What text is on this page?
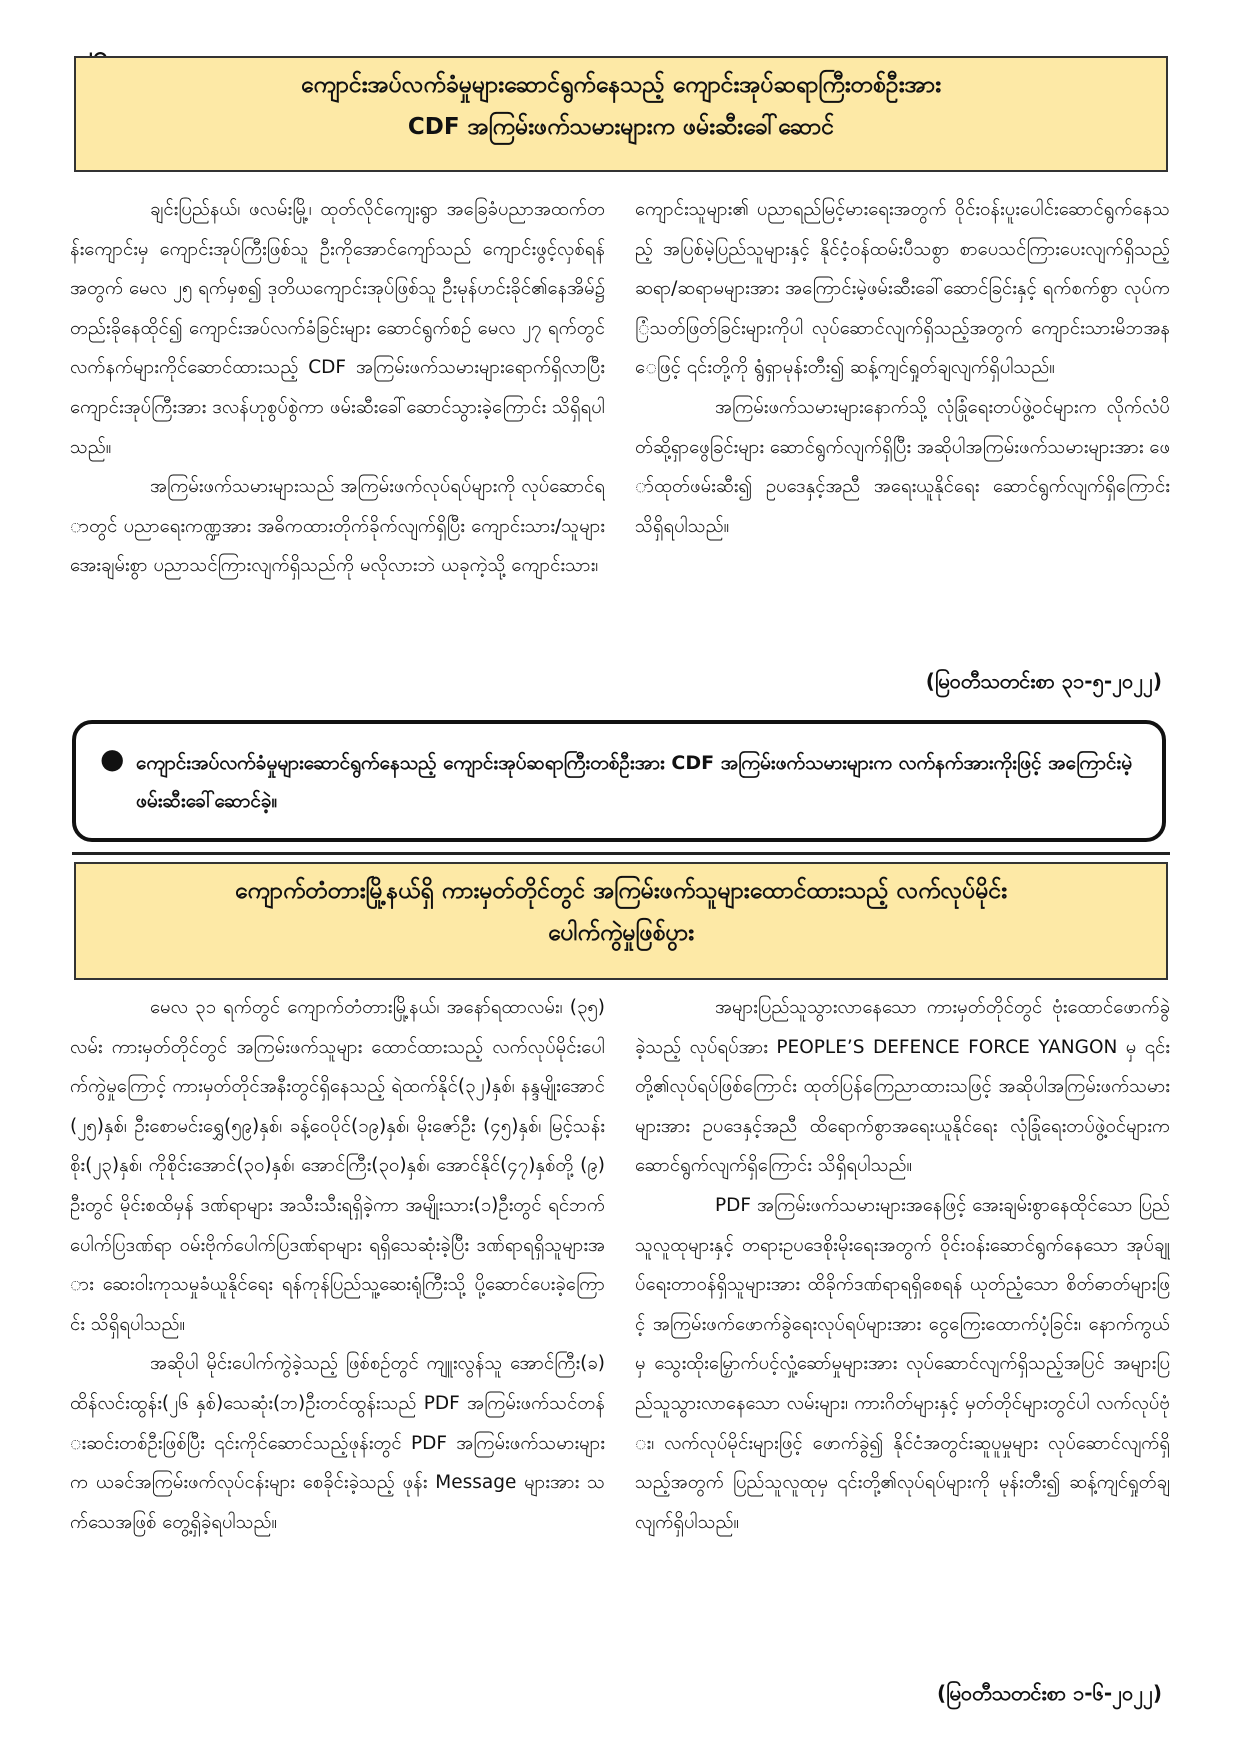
ကျောင်းအပ်လက်ခံမှုများဆောင်ရွက်နေသည့် ကျောင်းအုပ်ဆရာကြီးတစ်ဦးအား
CDF အကြမ်းဖက်သမားများက ဖမ်းဆီးခေါ်ဆောင်

ချင်းပြည်နယ်၊ ဖလမ်းမြို့၊ ထုတ်လိုင်ကျေးရွာ အခြေခံပညာအထက်တန်းကျောင်းမှ ကျောင်းအုပ်ကြီးဖြစ်သူ ဦးကိုအောင်ကျော်သည် ကျောင်းဖွင့်လှစ်ရန်အတွက် မေလ ၂၅ ရက်မှစ၍ ဒုတိယကျောင်းအုပ်ဖြစ်သူ ဦးမုန်ဟင်းခိုင်၏နေအိမ်၌ တည်းခိုနေထိုင်၍ ကျောင်းအပ်လက်ခံခြင်းများ ဆောင်ရွက်စဉ် မေလ ၂၇ ရက်တွင် လက်နက်များကိုင်ဆောင်ထားသည့် CDF အကြမ်းဖက်သမားများရောက်ရှိလာပြီး ကျောင်းအုပ်ကြီးအား ဒလန်ဟုစွပ်စွဲကာ ဖမ်းဆီးခေါ်ဆောင်သွားခဲ့ကြောင်း သိရှိရပါသည်။

အကြမ်းဖက်သမားများသည် အကြမ်းဖက်လုပ်ရပ်များကို လုပ်ဆောင်ရာတွင် ပညာရေးကဏ္ဍအား အဓိကထားတိုက်ခိုက်လျက်ရှိပြီး ကျောင်းသား/သူများ အေးချမ်းစွာ ပညာသင်ကြားလျက်ရှိသည်ကို မလိုလားဘဲ ယခုကဲ့သို့ ကျောင်းသား၊

ကျောင်းသူများ၏ ပညာရည်မြင့်မားရေးအတွက် ဝိုင်းဝန်းပူးပေါင်းဆောင်ရွက်နေသည့် အပြစ်မဲ့ပြည်သူများနှင့် နိုင်ငံ့ဝန်ထမ်းပီသစွာ စာပေသင်ကြားပေးလျက်ရှိသည့် ဆရာ/ဆရာမများအား အကြောင်းမဲ့ဖမ်းဆီးခေါ်ဆောင်ခြင်းနှင့် ရက်စက်စွာ လုပ်ကြံသတ်ဖြတ်ခြင်းများကိုပါ လုပ်ဆောင်လျက်ရှိသည့်အတွက် ကျောင်းသားမိဘအနေဖြင့် ၎င်းတို့ကို ရွံရှာမုန်းတီး၍ ဆန့်ကျင်ရှုတ်ချလျက်ရှိပါသည်။

အကြမ်းဖက်သမားများနောက်သို့ လုံခြုံရေးတပ်ဖွဲ့ဝင်များက လိုက်လံပိတ်ဆို့ရှာဖွေခြင်းများ ဆောင်ရွက်လျက်ရှိပြီး အဆိုပါအကြမ်းဖက်သမားများအား ဖော်ထုတ်ဖမ်းဆီး၍ ဥပဒေနှင့်အညီ အရေးယူနိုင်ရေး ဆောင်ရွက်လျက်ရှိကြောင်း သိရှိရပါသည်။

(မြဝတီသတင်းစာ ၃၁-၅-၂၀၂၂)
● ကျောင်းအပ်လက်ခံမှုများဆောင်ရွက်နေသည့် ကျောင်းအုပ်ဆရာကြီးတစ်ဦးအား CDF အကြမ်းဖက်သမားများက လက်နက်အားကိုးဖြင့် အကြောင်းမဲ့ ဖမ်းဆီးခေါ်ဆောင်ခဲ့။
ကျောက်တံတားမြို့နယ်ရှိ ကားမှတ်တိုင်တွင် အကြမ်းဖက်သူများထောင်ထားသည့် လက်လုပ်မိုင်း
ပေါက်ကွဲမှုဖြစ်ပွား

မေလ ၃၁ ရက်တွင် ကျောက်တံတားမြို့နယ်၊ အနော်ရထာလမ်း၊ (၃၅)လမ်း ကားမှတ်တိုင်တွင် အကြမ်းဖက်သူများ ထောင်ထားသည့် လက်လုပ်မိုင်းပေါက်ကွဲမှုကြောင့် ကားမှတ်တိုင်အနီးတွင်ရှိနေသည့် ရဲထက်နိုင်(၃၂)နှစ်၊ နန္ဒမျိုးအောင်(၂၅)နှစ်၊ ဦးစောမင်းရွှေ(၅၉)နှစ်၊ ခန့်ဝေပိုင်(၁၉)နှစ်၊ မိုးဇော်ဦး (၄၅)နှစ်၊ မြင့်သန်းစိုး(၂၃)နှစ်၊ ကိုစိုင်းအောင်(၃၀)နှစ်၊ အောင်ကြီး(၃၀)နှစ်၊ အောင်နိုင်(၄၇)နှစ်တို့ (၉)ဦးတွင် မိုင်းစထိမှန် ဒဏ်ရာများ အသီးသီးရရှိခဲ့ကာ အမျိုးသား(၁)ဦးတွင် ရင်ဘက်ပေါက်ပြဒဏ်ရာ ဝမ်းဗိုက်ပေါက်ပြဒဏ်ရာများ ရရှိသေဆုံးခဲ့ပြီး ဒဏ်ရာရရှိသူများအား ဆေးဝါးကုသမှုခံယူနိုင်ရေး ရန်ကုန်ပြည်သူ့ဆေးရုံကြီးသို့ ပို့ဆောင်ပေးခဲ့ကြောင်း သိရှိရပါသည်။

အဆိုပါ မိုင်းပေါက်ကွဲခဲ့သည့် ဖြစ်စဉ်တွင် ကျူးလွန်သူ အောင်ကြီး(ခ)ထိန်လင်းထွန်း(၂၆ နှစ်)သေဆုံး(ဘ)ဦးတင်ထွန်းသည် PDF အကြမ်းဖက်သင်တန်းဆင်းတစ်ဦးဖြစ်ပြီး ၎င်းကိုင်ဆောင်သည့်ဖုန်းတွင် PDF အကြမ်းဖက်သမားများက ယခင်အကြမ်းဖက်လုပ်ငန်းများ စေခိုင်းခဲ့သည့် ဖုန်း Message များအား သက်သေအဖြစ် တွေ့ရှိခဲ့ရပါသည်။

အများပြည်သူသွားလာနေသော ကားမှတ်တိုင်တွင် ဗုံးထောင်ဖောက်ခွဲခဲ့သည့် လုပ်ရပ်အား PEOPLE’S DEFENCE FORCE YANGON မှ ၎င်းတို့၏လုပ်ရပ်ဖြစ်ကြောင်း ထုတ်ပြန်ကြေညာထားသဖြင့် အဆိုပါအကြမ်းဖက်သမားများအား ဥပဒေနှင့်အညီ ထိရောက်စွာအရေးယူနိုင်ရေး လုံခြုံရေးတပ်ဖွဲ့ဝင်များက ဆောင်ရွက်လျက်ရှိကြောင်း သိရှိရပါသည်။

PDF အကြမ်းဖက်သမားများအနေဖြင့် အေးချမ်းစွာနေထိုင်သော ပြည်သူလူထုများနှင့် တရားဥပဒေစိုးမိုးရေးအတွက် ဝိုင်းဝန်းဆောင်ရွက်နေသော အုပ်ချုပ်ရေးတာဝန်ရှိသူများအား ထိခိုက်ဒဏ်ရာရရှိစေရန် ယုတ်ညံ့သော စိတ်ဓာတ်များဖြင့် အကြမ်းဖက်ဖောက်ခွဲရေးလုပ်ရပ်များအား ငွေကြေးထောက်ပံ့ခြင်း၊ နောက်ကွယ်မှ သွေးထိုးမြှောက်ပင့်လှုံ့ဆော်မှုများအား လုပ်ဆောင်လျက်ရှိသည့်အပြင် အများပြည်သူသွားလာနေသော လမ်းများ၊ ကားဂိတ်များနှင့် မှတ်တိုင်များတွင်ပါ လက်လုပ်ဗုံး၊ လက်လုပ်မိုင်းများဖြင့် ဖောက်ခွဲ၍ နိုင်ငံအတွင်းဆူပူမှုများ လုပ်ဆောင်လျက်ရှိသည့်အတွက် ပြည်သူလူထုမှ ၎င်းတို့၏လုပ်ရပ်များကို မုန်းတီး၍ ဆန့်ကျင်ရှုတ်ချလျက်ရှိပါသည်။

(မြဝတီသတင်းစာ ၁-၆-၂၀၂၂)
